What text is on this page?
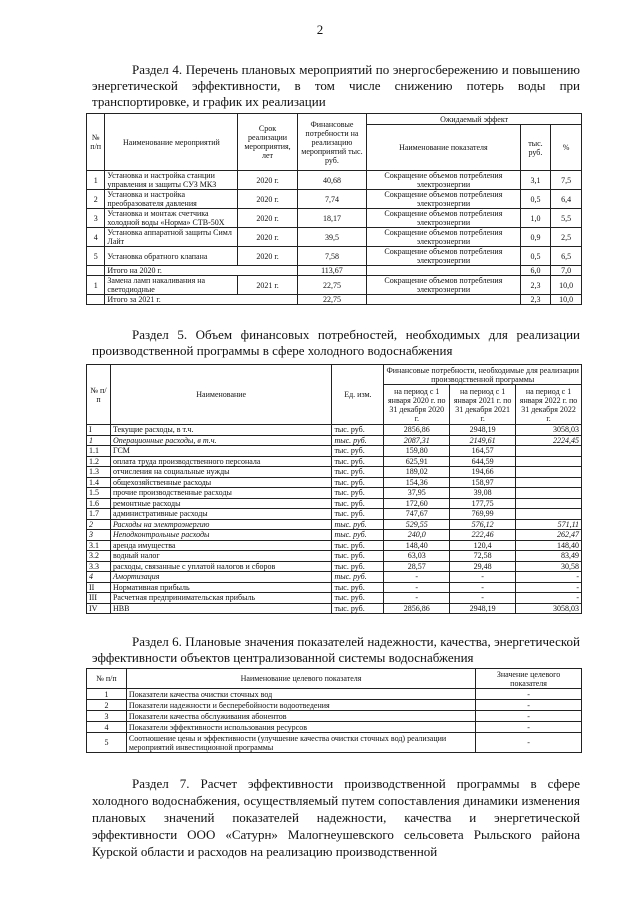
2
Раздел 4. Перечень плановых мероприятий по энергосбережению и повышению энергетической эффективности, в том числе снижению потерь воды при транспортировке, и график их реализации
№ п/п	Наименование мероприятий	Срок реализации мероприятия, лет	Финансовые потребности на реализацию мероприятий тыс. руб.	Ожидаемый эффект		
				Наименование показателя	тыс. руб.	%
1	Установка и настройка станции управления и защиты СУЗ МКЗ	2020 г.	40,68	Сокращение объемов потребления электроэнергии	3,1	7,5
2	Установка и настройка преобразователя давления	2020 г.	7,74	Сокращение объемов потребления электроэнергии	0,5	6,4
3	Установка и монтаж счетчика холодной воды «Норма» СТВ-50Х	2020 г.	18,17	Сокращение объемов потребления электроэнергии	1,0	5,5
4	Установка аппаратной защиты Симл Лайт	2020 г.	39,5	Сокращение объемов потребления электроэнергии	0,9	2,5
5	Установка обратного клапана	2020 г.	7,58	Сокращение объемов потребления электроэнергии	0,5	6,5
	Итого на 2020 г.		113,67		6,0	7,0
1	Замена ламп накаливания на светодиодные	2021 г.	22,75	Сокращение объемов потребления электроэнергии	2,3	10,0
	Итого за 2021 г.		22,75		2,3	10,0
Раздел 5. Объем финансовых потребностей, необходимых для реализации производственной программы в сфере холодного водоснабжения
№ п/п	Наименование	Ед. изм.	Финансовые потребности, необходимые для реализации производственной программы		
			на период с 1 января 2020 г. по 31 декабря 2020 г.	на период с 1 января 2021 г. по 31 декабря 2021 г.	на период с 1 января 2022 г. по 31 декабря 2022 г.
I	Текущие расходы, в т.ч.	тыс. руб.	2856,86	2948,19	3058,03
1	Операционные расходы, в т.ч.	тыс. руб.	2087,31	2149,61	2224,45
1.1	ГСМ	тыс. руб.	159,80	164,57	
1.2	оплата труда производственного персонала	тыс. руб.	625,91	644,59	
1.3	отчисления на социальные нужды	тыс. руб.	189,02	194,66	
1.4	общехозяйственные расходы	тыс. руб.	154,36	158,97	
1.5	прочие производственные расходы	тыс. руб.	37,95	39,08	
1.6	ремонтные расходы	тыс. руб.	172,60	177,75	
1.7	административные расходы	тыс. руб.	747,67	769,99	
2	Расходы на электроэнергию	тыс. руб.	529,55	576,12	571,11
3	Неподконтрольные расходы	тыс. руб.	240,0	222,46	262,47
3.1	аренда имущества	тыс. руб.	148,40	120,4	148,40
3.2	водный налог	тыс. руб.	63,03	72,58	83,49
3.3	расходы, связанные с уплатой налогов и сборов	тыс. руб.	28,57	29,48	30,58
4	Амортизация	тыс. руб.	-	-	-
II	Нормативная прибыль	тыс. руб.	-	-	-
III	Расчетная предпринимательская прибыль	тыс. руб.	-	-	-
IV	НВВ	тыс. руб.	2856,86	2948,19	3058,03
Раздел 6. Плановые значения показателей надежности, качества, энергетической эффективности объектов централизованной системы водоснабжения
№ п/п	Наименование целевого показателя	Значение целевого показателя
1	Показатели качества очистки сточных вод	-
2	Показатели надежности и бесперебойности водоотведения	-
3	Показатели качества обслуживания абонентов	-
4	Показатели эффективности использования ресурсов	-
5	Соотношение цены и эффективности (улучшение качества очистки сточных вод) реализации мероприятий инвестиционной программы	-
Раздел 7. Расчет эффективности производственной программы в сфере холодного водоснабжения, осуществляемый путем сопоставления динамики изменения плановых значений показателей надежности, качества и энергетической эффективности ООО «Сатурн» Малогнеушевского сельсовета Рыльского района Курской области и расходов на реализацию производственной
